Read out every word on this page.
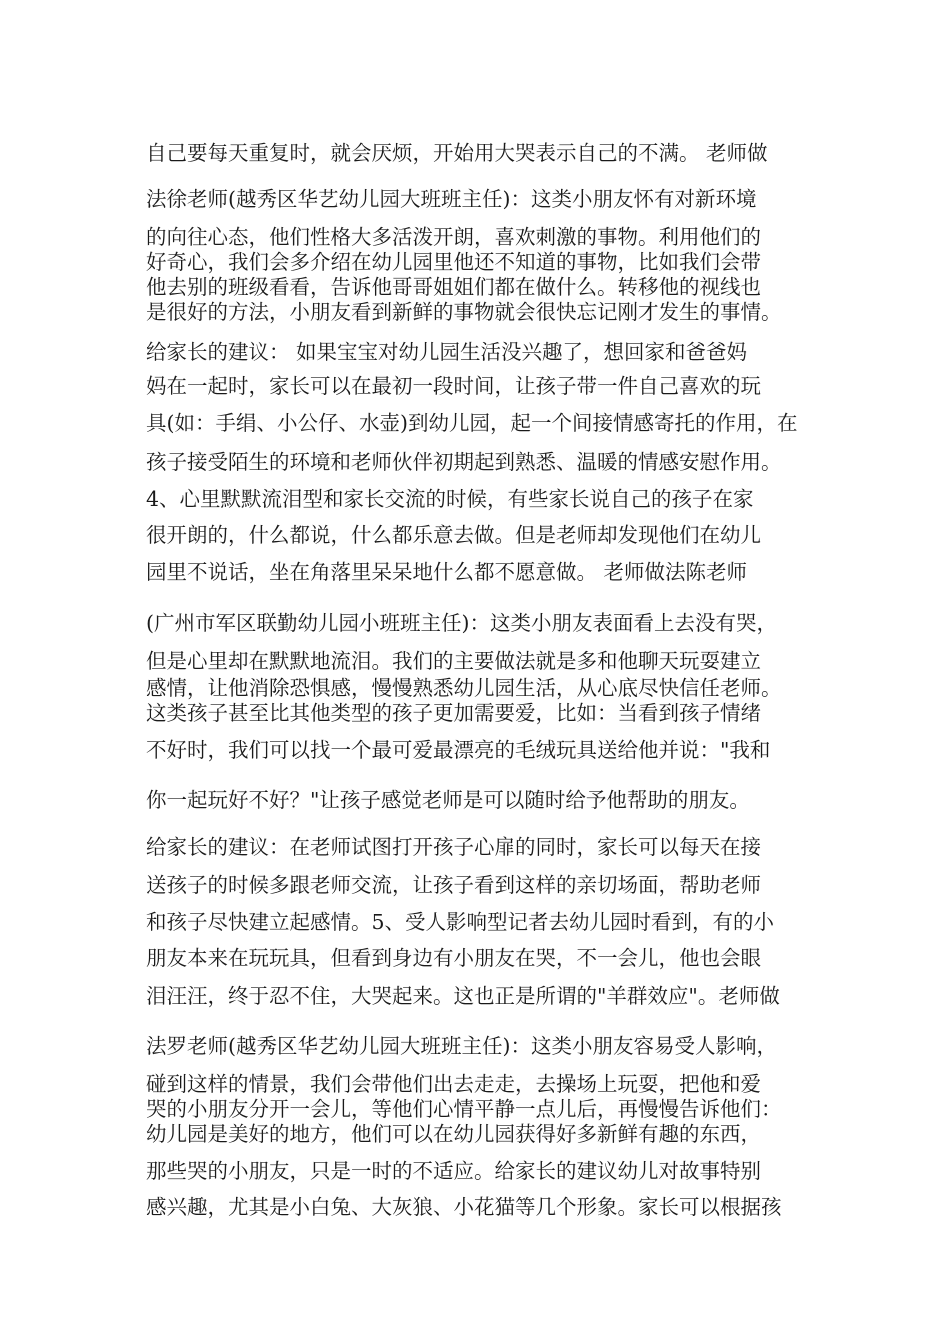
自己要每天重复时，就会厌烦，开始用大哭表示自己的不满。 老师做
法徐老师(越秀区华艺幼儿园大班班主任)：这类小朋友怀有对新环境
的向往心态，他们性格大多活泼开朗，喜欢刺激的事物。利用他们的
好奇心，我们会多介绍在幼儿园里他还不知道的事物，比如我们会带
他去别的班级看看，告诉他哥哥姐姐们都在做什么。转移他的视线也
是很好的方法，小朋友看到新鲜的事物就会很快忘记刚才发生的事情。
给家长的建议： 如果宝宝对幼儿园生活没兴趣了，想回家和爸爸妈
妈在一起时，家长可以在最初一段时间，让孩子带一件自己喜欢的玩
具(如：手绢、小公仔、水壶)到幼儿园，起一个间接情感寄托的作用，在
孩子接受陌生的环境和老师伙伴初期起到熟悉、温暖的情感安慰作用。
4、心里默默流泪型和家长交流的时候，有些家长说自己的孩子在家
很开朗的，什么都说，什么都乐意去做。但是老师却发现他们在幼儿
园里不说话，坐在角落里呆呆地什么都不愿意做。 老师做法陈老师
(广州市军区联勤幼儿园小班班主任)：这类小朋友表面看上去没有哭，
但是心里却在默默地流泪。我们的主要做法就是多和他聊天玩耍建立
感情，让他消除恐惧感，慢慢熟悉幼儿园生活，从心底尽快信任老师。
这类孩子甚至比其他类型的孩子更加需要爱，比如：当看到孩子情绪
不好时，我们可以找一个最可爱最漂亮的毛绒玩具送给他并说："我和
你一起玩好不好？"让孩子感觉老师是可以随时给予他帮助的朋友。
给家长的建议：在老师试图打开孩子心扉的同时，家长可以每天在接
送孩子的时候多跟老师交流，让孩子看到这样的亲切场面，帮助老师
和孩子尽快建立起感情。5、受人影响型记者去幼儿园时看到，有的小
朋友本来在玩玩具，但看到身边有小朋友在哭，不一会儿，他也会眼
泪汪汪，终于忍不住，大哭起来。这也正是所谓的"羊群效应"。老师做
法罗老师(越秀区华艺幼儿园大班班主任)：这类小朋友容易受人影响，
碰到这样的情景，我们会带他们出去走走，去操场上玩耍，把他和爱
哭的小朋友分开一会儿，等他们心情平静一点儿后，再慢慢告诉他们：
幼儿园是美好的地方，他们可以在幼儿园获得好多新鲜有趣的东西，
那些哭的小朋友，只是一时的不适应。给家长的建议幼儿对故事特别
感兴趣，尤其是小白兔、大灰狼、小花猫等几个形象。家长可以根据孩
